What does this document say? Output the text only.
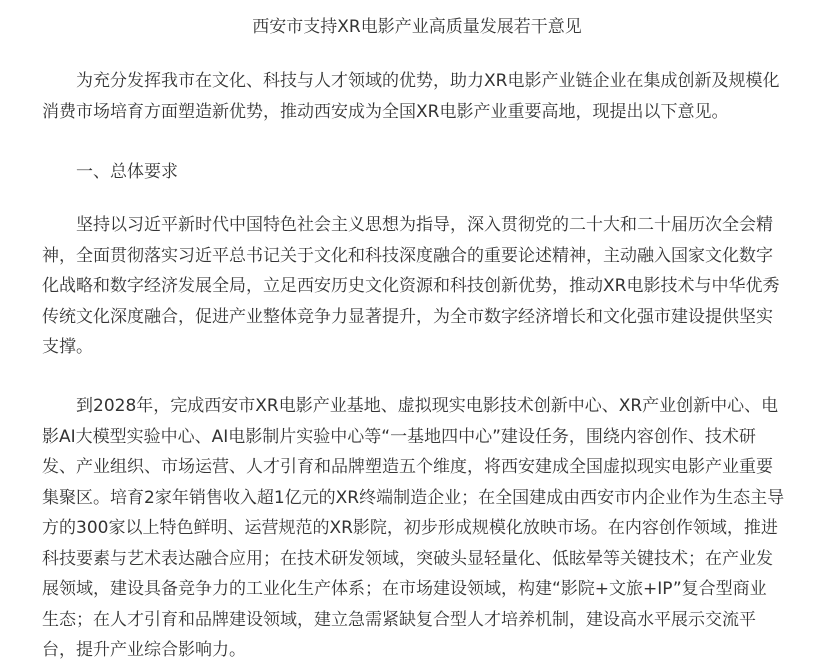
西安市支持XR电影产业高质量发展若干意见
　　为充分发挥我市在文化、科技与人才领域的优势，助力XR电影产业链企业在集成创新及规模化
消费市场培育方面塑造新优势，推动西安成为全国XR电影产业重要高地，现提出以下意见。
　　一、总体要求
　　坚持以习近平新时代中国特色社会主义思想为指导，深入贯彻党的二十大和二十届历次全会精
神，全面贯彻落实习近平总书记关于文化和科技深度融合的重要论述精神，主动融入国家文化数字
化战略和数字经济发展全局，立足西安历史文化资源和科技创新优势，推动XR电影技术与中华优秀
传统文化深度融合，促进产业整体竞争力显著提升，为全市数字经济增长和文化强市建设提供坚实
支撑。
　　到2028年，完成西安市XR电影产业基地、虚拟现实电影技术创新中心、XR产业创新中心、电
影AI大模型实验中心、AI电影制片实验中心等“一基地四中心”建设任务，围绕内容创作、技术研
发、产业组织、市场运营、人才引育和品牌塑造五个维度，将西安建成全国虚拟现实电影产业重要
集聚区。培育2家年销售收入超1亿元的XR终端制造企业；在全国建成由西安市内企业作为生态主导
方的300家以上特色鲜明、运营规范的XR影院，初步形成规模化放映市场。在内容创作领域，推进
科技要素与艺术表达融合应用；在技术研发领域，突破头显轻量化、低眩晕等关键技术；在产业发
展领域，建设具备竞争力的工业化生产体系；在市场建设领域，构建“影院+文旅+IP”复合型商业
生态；在人才引育和品牌建设领域，建立急需紧缺复合型人才培养机制，建设高水平展示交流平
台，提升产业综合影响力。
